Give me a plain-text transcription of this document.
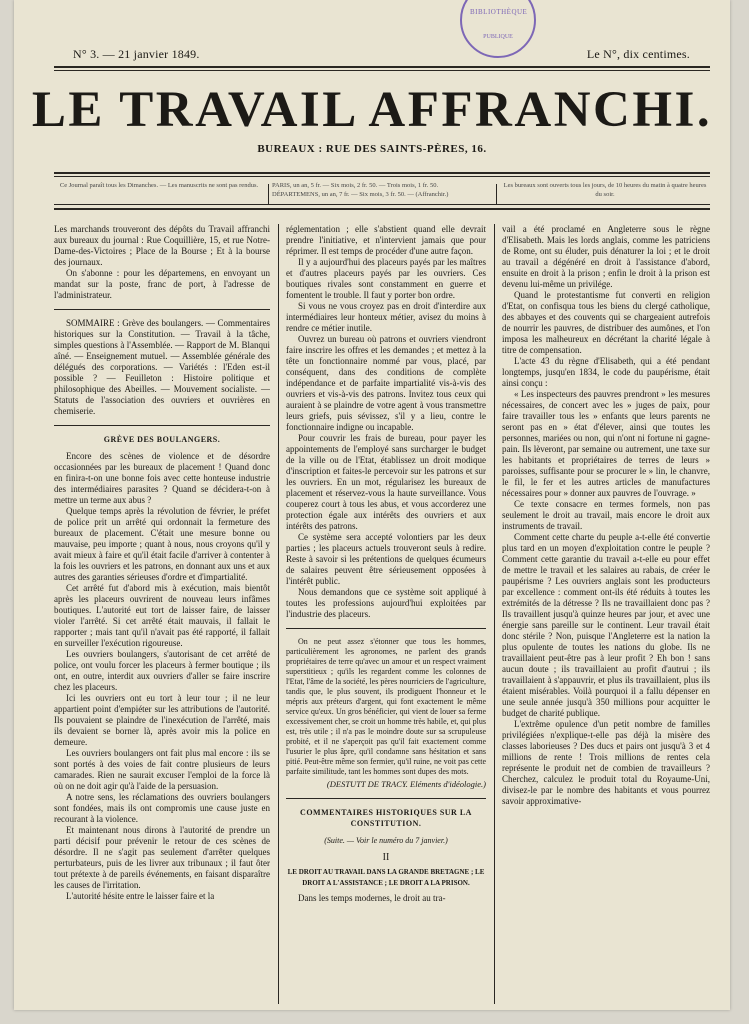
BIBLIOTHÈQUE
PUBLIQUE
N° 3. — 21 janvier 1849.	Le N°, dix centimes.
LE TRAVAIL AFFRANCHI.
BUREAUX : RUE DES SAINTS-PÈRES, 16.
Ce Journal paraît tous les Dimanches. — Les manuscrits ne sont pas rendus.	PARIS, un an, 5 fr. — Six mois, 2 fr. 50. — Trois mois, 1 fr. 50.
DÉPARTEMENS, un an, 7 fr. — Six mois, 3 fr. 50. — (Affranchir.)
Les bureaux sont ouverts tous les jours, de 10 heures du matin à quatre heures du soir.

Les marchands trouveront des dépôts du Travail affranchi aux bureaux du journal : Rue Coquillière, 15, et rue Notre-Dame-des-Victoires ; Place de la Bourse ; Et à la bourse des journaux.

On s'abonne : pour les départemens, en envoyant un mandat sur la poste, franc de port, à l'adresse de l'administrateur.

SOMMAIRE : Grève des boulangers. — Commentaires historiques sur la Constitution. — Travail à la tâche, simples questions à l'Assemblée. — Rapport de M. Blanqui aîné. — Enseignement mutuel. — Assemblée générale des délégués des corporations. — Variétés : l'Eden est-il possible ? — Feuilleton : Histoire politique et philosophique des Abeilles. — Mouvement socialiste. — Statuts de l'association des ouvriers et ouvrières en chemiserie.

GRÈVE DES BOULANGERS.

Encore des scènes de violence et de désordre occasionnées par les bureaux de placement ! Quand donc en finira-t-on une bonne fois avec cette honteuse industrie des intermédiaires parasites ? Quand se décidera-t-on à mettre un terme aux abus ?

Quelque temps après la révolution de février, le préfet de police prit un arrêté qui ordonnait la fermeture des bureaux de placement. C'était une mesure bonne ou mauvaise, peu importe ; quant à nous, nous croyons qu'il y avait mieux à faire et qu'il était facile d'arriver à contenter à la fois les ouvriers et les patrons, en donnant aux uns et aux autres des garanties sérieuses d'ordre et d'impartialité.

Cet arrêté fut d'abord mis à exécution, mais bientôt après les placeurs ouvrirent de nouveau leurs infâmes boutiques. L'autorité eut tort de laisser faire, de laisser violer l'arrêté. Si cet arrêté était mauvais, il fallait le rapporter ; mais tant qu'il n'avait pas été rapporté, il fallait en surveiller l'exécution rigoureuse.

Les ouvriers boulangers, s'autorisant de cet arrêté de police, ont voulu forcer les placeurs à fermer boutique ; ils ont, en outre, interdit aux ouvriers d'aller se faire inscrire chez les placeurs.

Ici les ouvriers ont eu tort à leur tour ; il ne leur appartient point d'empiéter sur les attributions de l'autorité. Ils pouvaient se plaindre de l'inexécution de l'arrêté, mais ils devaient se borner là, après avoir mis la police en demeure.

Les ouvriers boulangers ont fait plus mal encore : ils se sont portés à des voies de fait contre plusieurs de leurs camarades. Rien ne saurait excuser l'emploi de la force là où on ne doit agir qu'à l'aide de la persuasion.

A notre sens, les réclamations des ouvriers boulangers sont fondées, mais ils ont compromis une cause juste en recourant à la violence.

Et maintenant nous dirons à l'autorité de prendre un parti décisif pour prévenir le retour de ces scènes de désordre. Il ne s'agit pas seulement d'arrêter quelques perturbateurs, puis de les livrer aux tribunaux ; il faut ôter tout prétexte à de pareils événements, en faisant disparaître les causes de l'irritation.

L'autorité hésite entre le laisser faire et la

réglementation ; elle s'abstient quand elle devrait prendre l'initiative, et n'intervient jamais que pour réprimer. Il est temps de procéder d'une autre façon.

Il y a aujourd'hui des placeurs payés par les maîtres et d'autres placeurs payés par les ouvriers. Ces boutiques rivales sont constamment en guerre et fomentent le trouble. Il faut y porter bon ordre.

Si vous ne vous croyez pas en droit d'interdire aux intermédiaires leur honteux métier, avisez du moins à rendre ce métier inutile.

Ouvrez un bureau où patrons et ouvriers viendront faire inscrire les offres et les demandes ; et mettez à la tête un fonctionnaire nommé par vous, placé, par conséquent, dans des conditions de complète indépendance et de parfaite impartialité vis-à-vis des ouvriers et vis-à-vis des patrons. Invitez tous ceux qui auraient à se plaindre de votre agent à vous transmettre leurs griefs, puis sévissez, s'il y a lieu, contre le fonctionnaire indigne ou incapable.

Pour couvrir les frais de bureau, pour payer les appointements de l'employé sans surcharger le budget de la ville ou de l'Etat, établissez un droit modique d'inscription et faites-le percevoir sur les patrons et sur les ouvriers. En un mot, régularisez les bureaux de placement et réservez-vous la haute surveillance. Vous couperez court à tous les abus, et vous accorderez une protection égale aux intérêts des ouvriers et aux intérêts des patrons.

Ce système sera accepté volontiers par les deux parties ; les placeurs actuels trouveront seuls à redire. Reste à savoir si les prétentions de quelques écumeurs de salaires peuvent être sérieusement opposées à l'intérêt public.

Nous demandons que ce système soit appliqué à toutes les professions aujourd'hui exploitées par l'industrie des placeurs.

On ne peut assez s'étonner que tous les hommes, particulièrement les agronomes, ne parlent des grands propriétaires de terre qu'avec un amour et un respect vraiment superstitieux ; qu'ils les regardent comme les colonnes de l'Etat, l'âme de la société, les pères nourriciers de l'agriculture, tandis que, le plus souvent, ils prodiguent l'honneur et le mépris aux préteurs d'argent, qui font exactement le même service qu'eux. Un gros bénéficier, qui vient de louer sa ferme excessivement cher, se croit un homme très habile, et, qui plus est, très utile ; il n'a pas le moindre doute sur sa scrupuleuse probité, et il ne s'aperçoit pas qu'il fait exactement comme l'usurier le plus âpre, qu'il condamne sans hésitation et sans pitié. Peut-être même son fermier, qu'il ruine, ne voit pas cette parfaite similitude, tant les hommes sont dupes des mots.

(DESTUTT DE TRACY. Eléments d'idéologie.)
COMMENTAIRES HISTORIQUES SUR LA CONSTITUTION.
(Suite. — Voir le numéro du 7 janvier.)
II
LE DROIT AU TRAVAIL DANS LA GRANDE BRETAGNE ; LE DROIT A L'ASSISTANCE ; LE DROIT A LA PRISON.

Dans les temps modernes, le droit au tra-

vail a été proclamé en Angleterre sous le règne d'Elisabeth. Mais les lords anglais, comme les patriciens de Rome, ont su éluder, puis dénaturer la loi ; et le droit au travail a dégénéré en droit à l'assistance d'abord, ensuite en droit à la prison ; enfin le droit à la prison est devenu lui-même un privilége.

Quand le protestantisme fut converti en religion d'Etat, on confisqua tous les biens du clergé catholique, des abbayes et des couvents qui se chargeaient autrefois de nourrir les pauvres, de distribuer des aumônes, et l'on imposa les malheureux en décrétant la charité légale à titre de compensation.

L'acte 43 du règne d'Elisabeth, qui a été pendant longtemps, jusqu'en 1834, le code du paupérisme, était ainsi conçu :

« Les inspecteurs des pauvres prendront » les mesures nécessaires, de concert avec les » juges de paix, pour faire travailler tous les » enfants que leurs parents ne seront pas en » état d'élever, ainsi que toutes les personnes, mariées ou non, qui n'ont ni fortune ni gagne-pain. Ils lèveront, par semaine ou autrement, une taxe sur les habitants et propriétaires de terres de leurs » paroisses, suffisante pour se procurer le » lin, le chanvre, le fil, le fer et les autres articles de manufactures nécessaires pour » donner aux pauvres de l'ouvrage. »

Ce texte consacre en termes formels, non pas seulement le droit au travail, mais encore le droit aux instruments de travail.

Comment cette charte du peuple a-t-elle été convertie plus tard en un moyen d'exploitation contre le peuple ? Comment cette garantie du travail a-t-elle eu pour effet de mettre le travail et les salaires au rabais, de créer le paupérisme ? Les ouvriers anglais sont les producteurs par excellence : comment ont-ils été réduits à toutes les extrémités de la détresse ? Ils ne travaillaient donc pas ? Ils travaillent jusqu'à quinze heures par jour, et avec une énergie sans pareille sur le continent. Leur travail était donc stérile ? Non, puisque l'Angleterre est la nation la plus opulente de toutes les nations du globe. Ils ne travaillaient peut-être pas à leur profit ? Eh bon ! sans aucun doute ; ils travaillaient au profit d'autrui ; ils travaillaient à s'appauvrir, et plus ils travaillaient, plus ils étaient misérables. Voilà pourquoi il a fallu dépenser en une seule année jusqu'à 350 millions pour acquitter le budget de charité publique.

L'extrême opulence d'un petit nombre de familles privilégiées n'explique-t-elle pas déjà la misère des classes laborieuses ? Des ducs et pairs ont jusqu'à 3 et 4 millions de rente ! Trois millions de rentes cela représente le produit net de combien de travailleurs ? Cherchez, calculez le produit total du Royaume-Uni, divisez-le par le nombre des habitants et vous pourrez savoir approximative-
